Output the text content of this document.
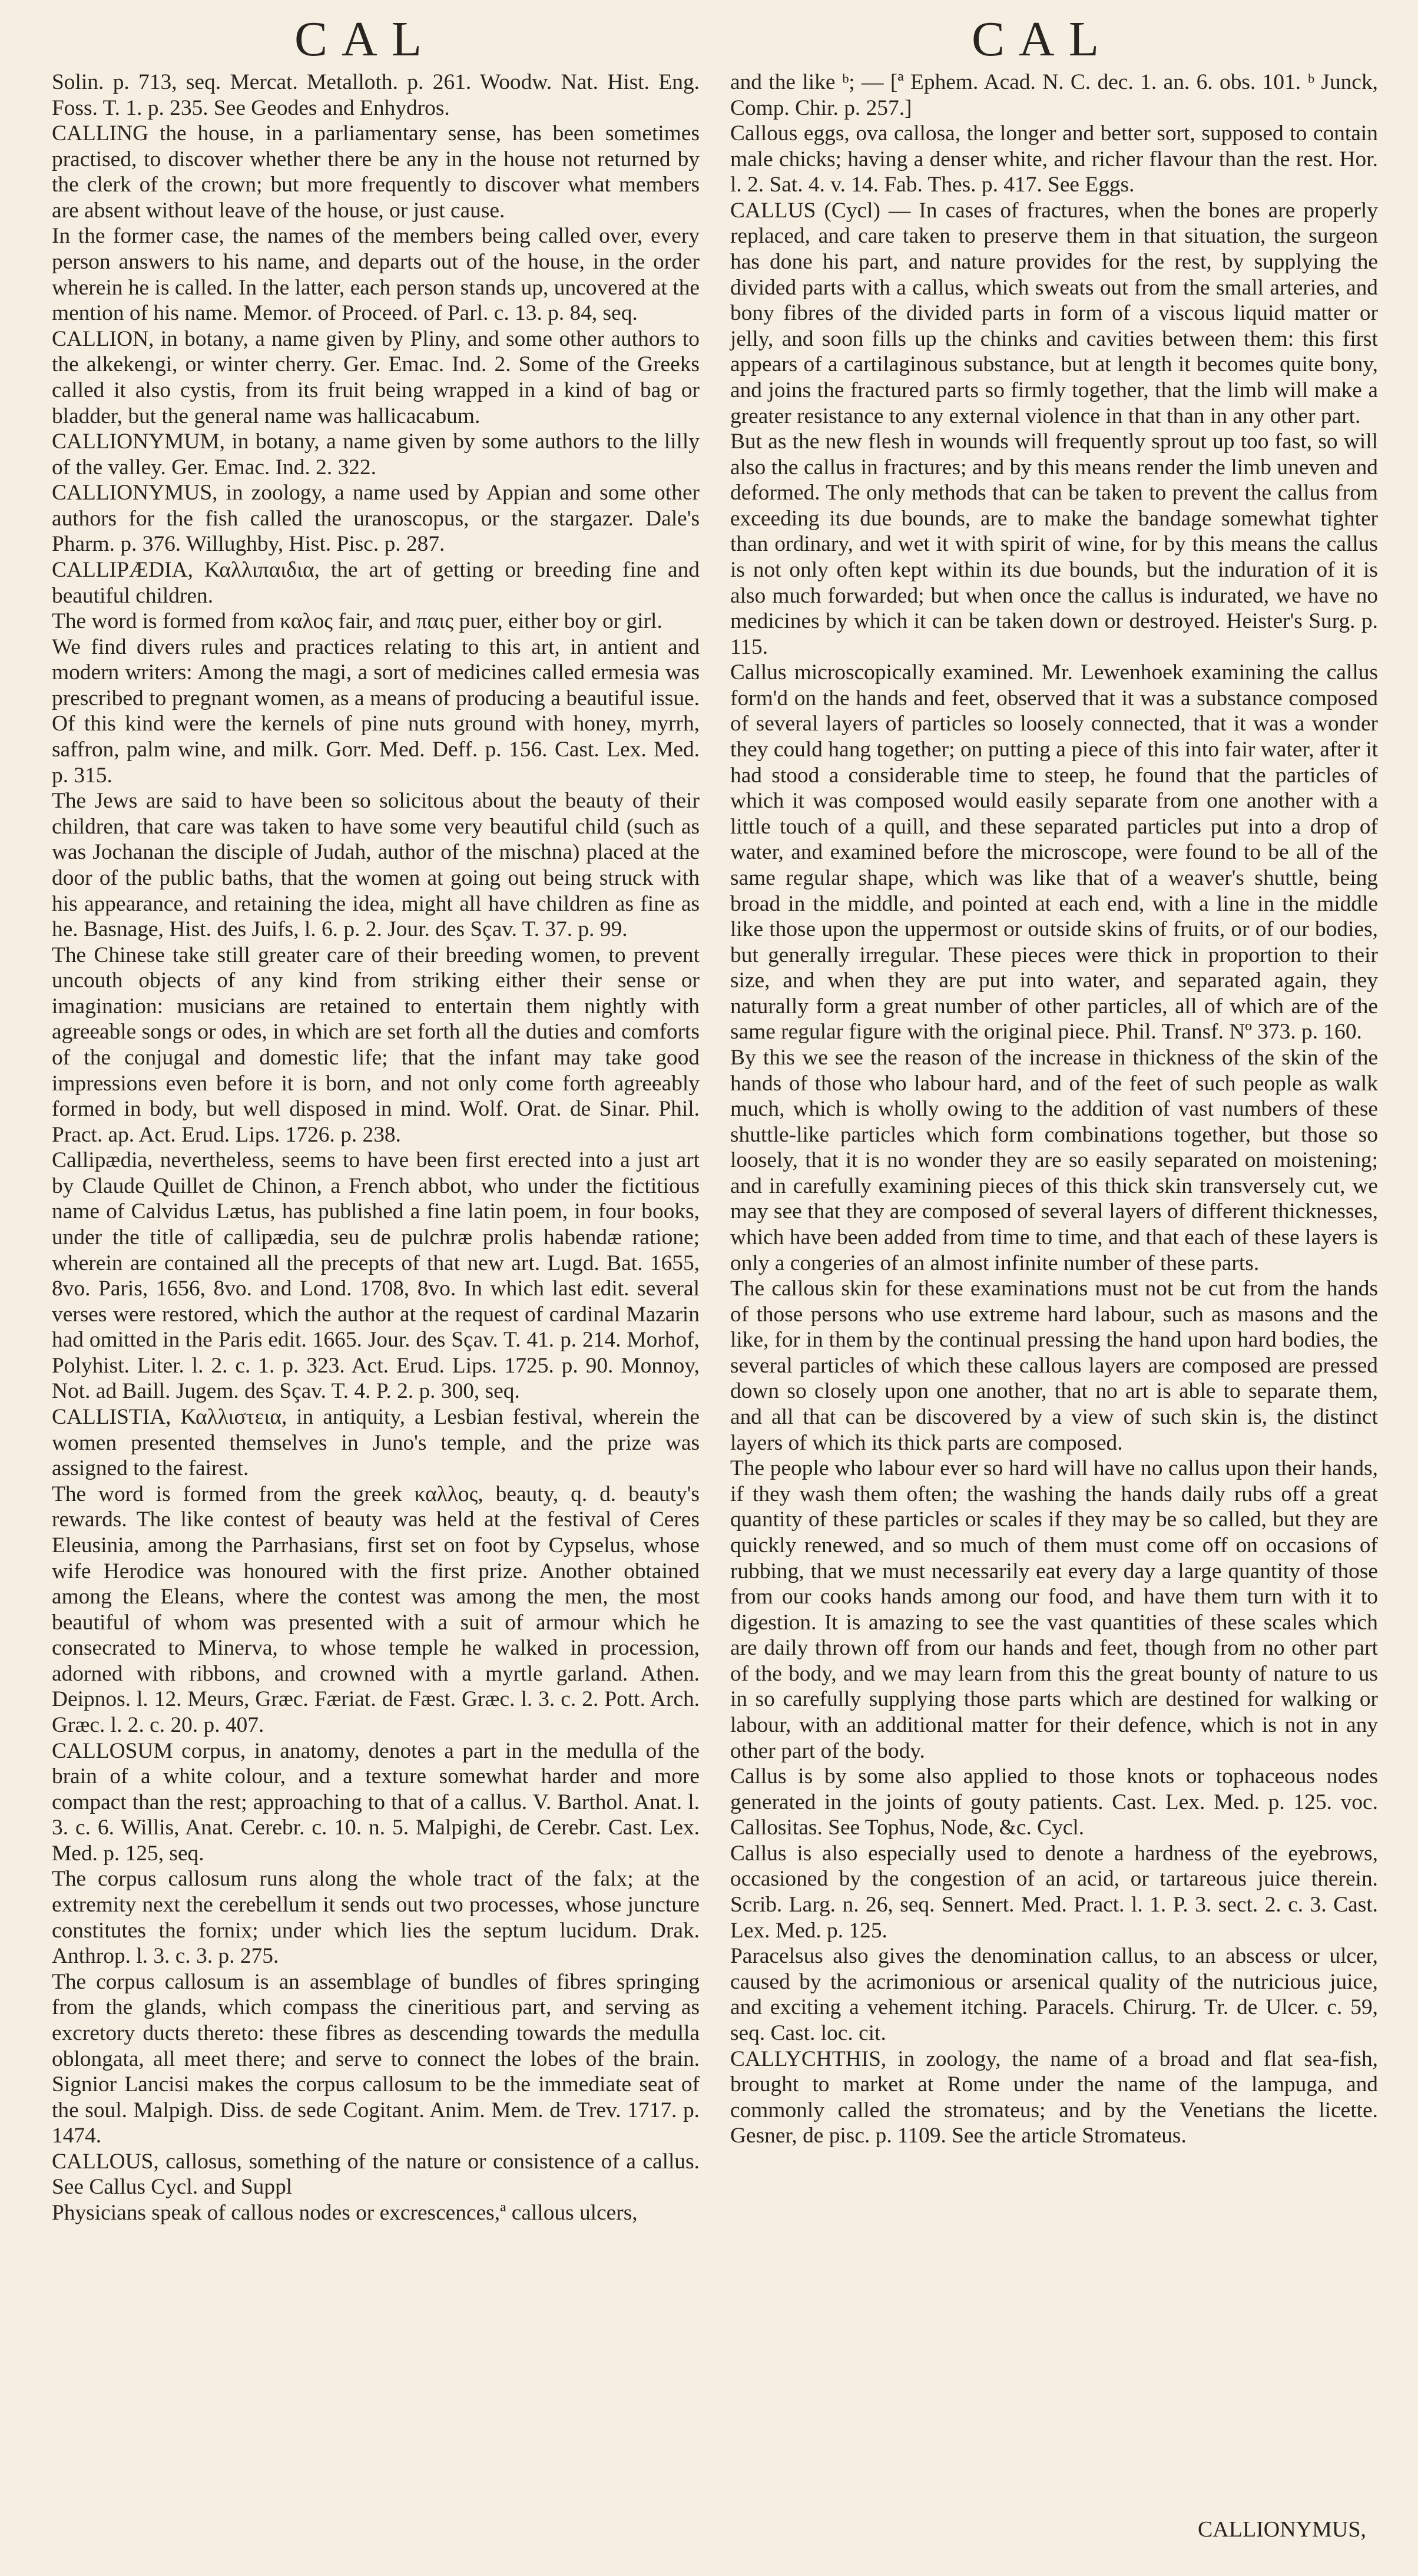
CAL	CAL

Solin. p. 713, seq. Mercat. Metalloth. p. 261. Woodw. Nat. Hist. Eng. Foss. T. 1. p. 235. See Geodes and Enhydros.

CALLING the house, in a parliamentary sense, has been sometimes practised, to discover whether there be any in the house not returned by the clerk of the crown; but more frequently to discover what members are absent without leave of the house, or just cause.

In the former case, the names of the members being called over, every person answers to his name, and departs out of the house, in the order wherein he is called. In the latter, each person stands up, uncovered at the mention of his name. Memor. of Proceed. of Parl. c. 13. p. 84, seq.

CALLION, in botany, a name given by Pliny, and some other authors to the alkekengi, or winter cherry. Ger. Emac. Ind. 2. Some of the Greeks called it also cystis, from its fruit being wrapped in a kind of bag or bladder, but the general name was hallicacabum.

CALLIONYMUM, in botany, a name given by some authors to the lilly of the valley. Ger. Emac. Ind. 2. 322.

CALLIONYMUS, in zoology, a name used by Appian and some other authors for the fish called the uranoscopus, or the stargazer. Dale's Pharm. p. 376. Willughby, Hist. Pisc. p. 287.

CALLIPÆDIA, Καλλιπαιδια, the art of getting or breeding fine and beautiful children.

The word is formed from καλος fair, and παις puer, either boy or girl.

We find divers rules and practices relating to this art, in antient and modern writers: Among the magi, a sort of medicines called ermesia was prescribed to pregnant women, as a means of producing a beautiful issue. Of this kind were the kernels of pine nuts ground with honey, myrrh, saffron, palm wine, and milk. Gorr. Med. Deff. p. 156. Cast. Lex. Med. p. 315.

The Jews are said to have been so solicitous about the beauty of their children, that care was taken to have some very beautiful child (such as was Jochanan the disciple of Judah, author of the mischna) placed at the door of the public baths, that the women at going out being struck with his appearance, and retaining the idea, might all have children as fine as he. Basnage, Hist. des Juifs, l. 6. p. 2. Jour. des Sçav. T. 37. p. 99.

The Chinese take still greater care of their breeding women, to prevent uncouth objects of any kind from striking either their sense or imagination: musicians are retained to entertain them nightly with agreeable songs or odes, in which are set forth all the duties and comforts of the conjugal and domestic life; that the infant may take good impressions even before it is born, and not only come forth agreeably formed in body, but well disposed in mind. Wolf. Orat. de Sinar. Phil. Pract. ap. Act. Erud. Lips. 1726. p. 238.

Callipædia, nevertheless, seems to have been first erected into a just art by Claude Quillet de Chinon, a French abbot, who under the fictitious name of Calvidus Lætus, has published a fine latin poem, in four books, under the title of callipædia, seu de pulchræ prolis habendæ ratione; wherein are contained all the precepts of that new art. Lugd. Bat. 1655, 8vo. Paris, 1656, 8vo. and Lond. 1708, 8vo. In which last edit. several verses were restored, which the author at the request of cardinal Mazarin had omitted in the Paris edit. 1665. Jour. des Sçav. T. 41. p. 214. Morhof, Polyhist. Liter. l. 2. c. 1. p. 323. Act. Erud. Lips. 1725. p. 90. Monnoy, Not. ad Baill. Jugem. des Sçav. T. 4. P. 2. p. 300, seq.

CALLISTIA, Καλλιστεια, in antiquity, a Lesbian festival, wherein the women presented themselves in Juno's temple, and the prize was assigned to the fairest.

The word is formed from the greek καλλος, beauty, q. d. beauty's rewards. The like contest of beauty was held at the festival of Ceres Eleusinia, among the Parrhasians, first set on foot by Cypselus, whose wife Herodice was honoured with the first prize. Another obtained among the Eleans, where the contest was among the men, the most beautiful of whom was presented with a suit of armour which he consecrated to Minerva, to whose temple he walked in procession, adorned with ribbons, and crowned with a myrtle garland. Athen. Deipnos. l. 12. Meurs, Græc. Færiat. de Fæst. Græc. l. 3. c. 2. Pott. Arch. Græc. l. 2. c. 20. p. 407.

CALLOSUM corpus, in anatomy, denotes a part in the medulla of the brain of a white colour, and a texture somewhat harder and more compact than the rest; approaching to that of a callus. V. Barthol. Anat. l. 3. c. 6. Willis, Anat. Cerebr. c. 10. n. 5. Malpighi, de Cerebr. Cast. Lex. Med. p. 125, seq.

The corpus callosum runs along the whole tract of the falx; at the extremity next the cerebellum it sends out two processes, whose juncture constitutes the fornix; under which lies the septum lucidum. Drak. Anthrop. l. 3. c. 3. p. 275.

The corpus callosum is an assemblage of bundles of fibres springing from the glands, which compass the cineritious part, and serving as excretory ducts thereto: these fibres as descending towards the medulla oblongata, all meet there; and serve to connect the lobes of the brain. Signior Lancisi makes the corpus callosum to be the immediate seat of the soul. Malpigh. Diss. de sede Cogitant. Anim. Mem. de Trev. 1717. p. 1474.

CALLOUS, callosus, something of the nature or consistence of a callus. See Callus Cycl. and Suppl

Physicians speak of callous nodes or excrescences,ª callous ulcers,

and the like ᵇ; — [ª Ephem. Acad. N. C. dec. 1. an. 6. obs. 101. ᵇ Junck, Comp. Chir. p. 257.]

Callous eggs, ova callosa, the longer and better sort, supposed to contain male chicks; having a denser white, and richer flavour than the rest. Hor. l. 2. Sat. 4. v. 14. Fab. Thes. p. 417. See Eggs.

CALLUS (Cycl) — In cases of fractures, when the bones are properly replaced, and care taken to preserve them in that situation, the surgeon has done his part, and nature provides for the rest, by supplying the divided parts with a callus, which sweats out from the small arteries, and bony fibres of the divided parts in form of a viscous liquid matter or jelly, and soon fills up the chinks and cavities between them: this first appears of a cartilaginous substance, but at length it becomes quite bony, and joins the fractured parts so firmly together, that the limb will make a greater resistance to any external violence in that than in any other part.

But as the new flesh in wounds will frequently sprout up too fast, so will also the callus in fractures; and by this means render the limb uneven and deformed. The only methods that can be taken to prevent the callus from exceeding its due bounds, are to make the bandage somewhat tighter than ordinary, and wet it with spirit of wine, for by this means the callus is not only often kept within its due bounds, but the induration of it is also much forwarded; but when once the callus is indurated, we have no medicines by which it can be taken down or destroyed. Heister's Surg. p. 115.

Callus microscopically examined. Mr. Lewenhoek examining the callus form'd on the hands and feet, observed that it was a substance composed of several layers of particles so loosely connected, that it was a wonder they could hang together; on putting a piece of this into fair water, after it had stood a considerable time to steep, he found that the particles of which it was composed would easily separate from one another with a little touch of a quill, and these separated particles put into a drop of water, and examined before the microscope, were found to be all of the same regular shape, which was like that of a weaver's shuttle, being broad in the middle, and pointed at each end, with a line in the middle like those upon the uppermost or outside skins of fruits, or of our bodies, but generally irregular. These pieces were thick in proportion to their size, and when they are put into water, and separated again, they naturally form a great number of other particles, all of which are of the same regular figure with the original piece. Phil. Transf. Nº 373. p. 160.

By this we see the reason of the increase in thickness of the skin of the hands of those who labour hard, and of the feet of such people as walk much, which is wholly owing to the addition of vast numbers of these shuttle-like particles which form combinations together, but those so loosely, that it is no wonder they are so easily separated on moistening; and in carefully examining pieces of this thick skin transversely cut, we may see that they are composed of several layers of different thicknesses, which have been added from time to time, and that each of these layers is only a congeries of an almost infinite number of these parts.

The callous skin for these examinations must not be cut from the hands of those persons who use extreme hard labour, such as masons and the like, for in them by the continual pressing the hand upon hard bodies, the several particles of which these callous layers are composed are pressed down so closely upon one another, that no art is able to separate them, and all that can be discovered by a view of such skin is, the distinct layers of which its thick parts are composed.

The people who labour ever so hard will have no callus upon their hands, if they wash them often; the washing the hands daily rubs off a great quantity of these particles or scales if they may be so called, but they are quickly renewed, and so much of them must come off on occasions of rubbing, that we must necessarily eat every day a large quantity of those from our cooks hands among our food, and have them turn with it to digestion. It is amazing to see the vast quantities of these scales which are daily thrown off from our hands and feet, though from no other part of the body, and we may learn from this the great bounty of nature to us in so carefully supplying those parts which are destined for walking or labour, with an additional matter for their defence, which is not in any other part of the body.

Callus is by some also applied to those knots or tophaceous nodes generated in the joints of gouty patients. Cast. Lex. Med. p. 125. voc. Callositas. See Tophus, Node, &c. Cycl.

Callus is also especially used to denote a hardness of the eyebrows, occasioned by the congestion of an acid, or tartareous juice therein. Scrib. Larg. n. 26, seq. Sennert. Med. Pract. l. 1. P. 3. sect. 2. c. 3. Cast. Lex. Med. p. 125.

Paracelsus also gives the denomination callus, to an abscess or ulcer, caused by the acrimonious or arsenical quality of the nutricious juice, and exciting a vehement itching. Paracels. Chirurg. Tr. de Ulcer. c. 59, seq. Cast. loc. cit.

CALLYCHTHIS, in zoology, the name of a broad and flat sea-fish, brought to market at Rome under the name of the lampuga, and commonly called the stromateus; and by the Venetians the licette. Gesner, de pisc. p. 1109. See the article Stromateus.

CALLIONYMUS,
